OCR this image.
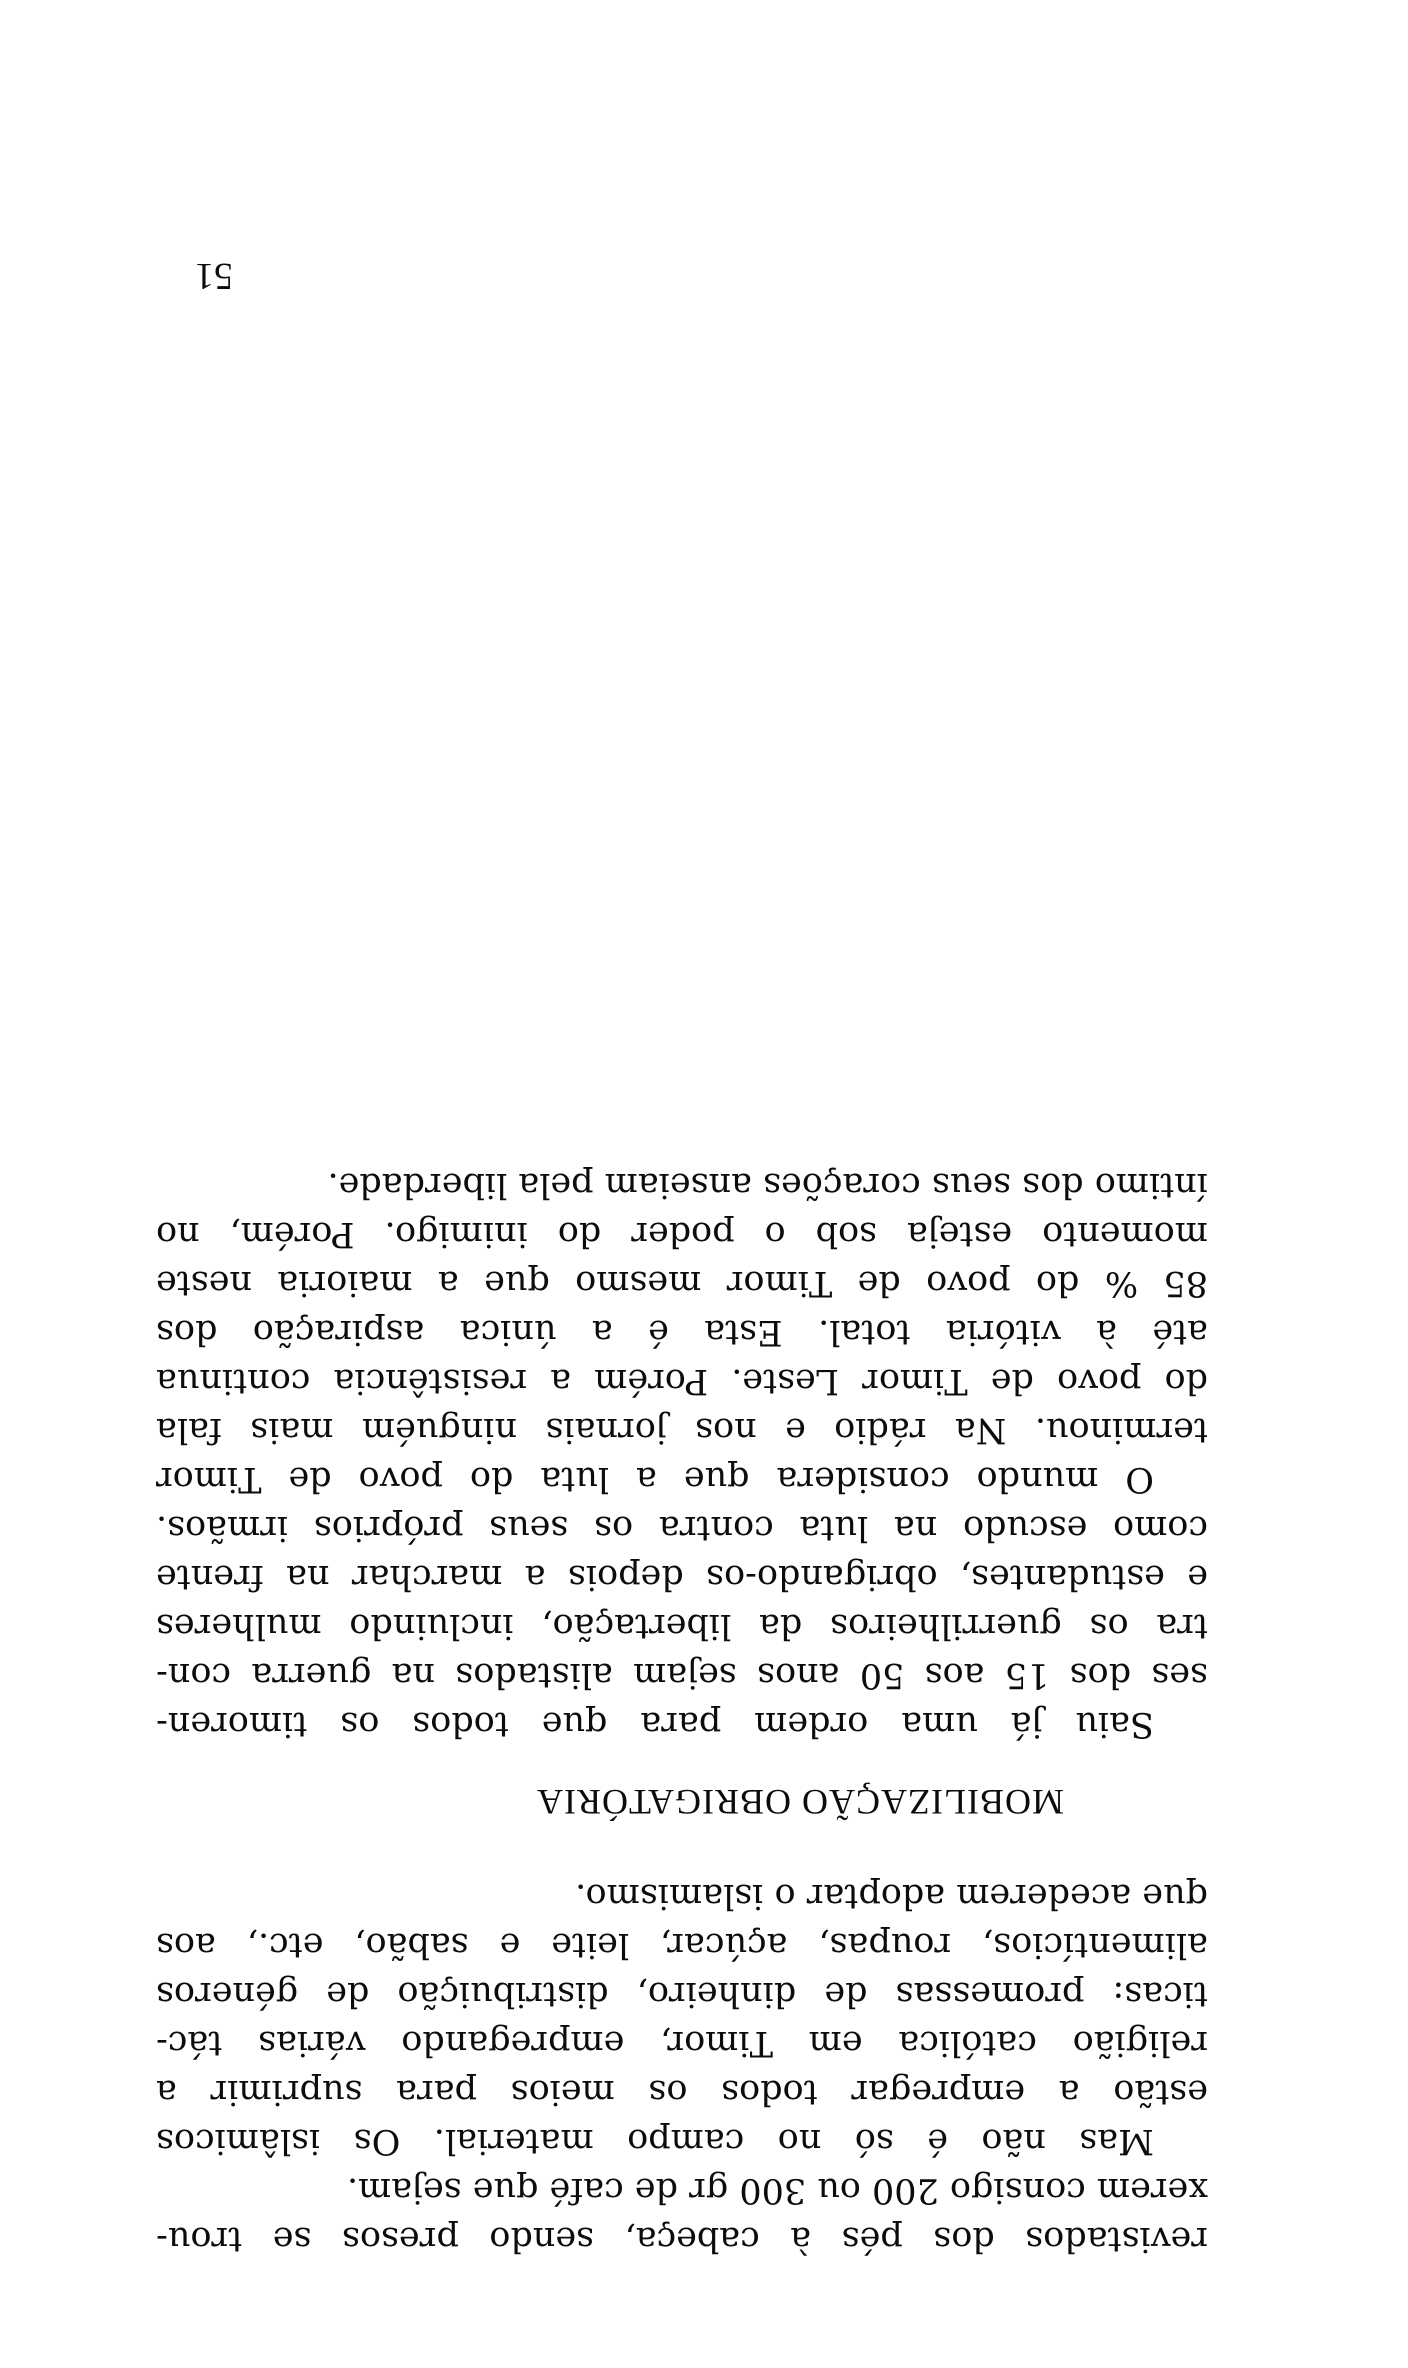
revistados dos pés à cabeça, sendo presos se trou-
xerem consigo 200 ou 300 gr de café que sejam.
Mas não é só no campo material. Os islâmicos
estão a empregar todos os meios para suprimir a
religião católica em Timor, empregando várias tác-
ticas: promessas de dinheiro, distribuição de géneros
alimentícios, roupas, açúcar, leite e sabão, etc., aos
que acederem adoptar o islamismo.
MOBILIZAÇÃO OBRIGATÓRIA
Saiu já uma ordem para que todos os timoren-
ses dos 15 aos 50 anos sejam alistados na guerra con-
tra os guerrilheiros da libertação, incluindo mulheres
e estudantes, obrigando-os depois a marchar na frente
como escudo na luta contra os seus próprios irmãos.
O mundo considera que a luta do povo de Timor
terminou. Na rádio e nos jornais ninguém mais fala
do povo de Timor Leste. Porém a resistência continua
até à vitória total. Esta é a única aspiração dos
85 % do povo de Timor mesmo que a maioria neste
momento esteja sob o poder do inimigo. Porém, no
íntimo dos seus corações anseiam pela liberdade.
51
